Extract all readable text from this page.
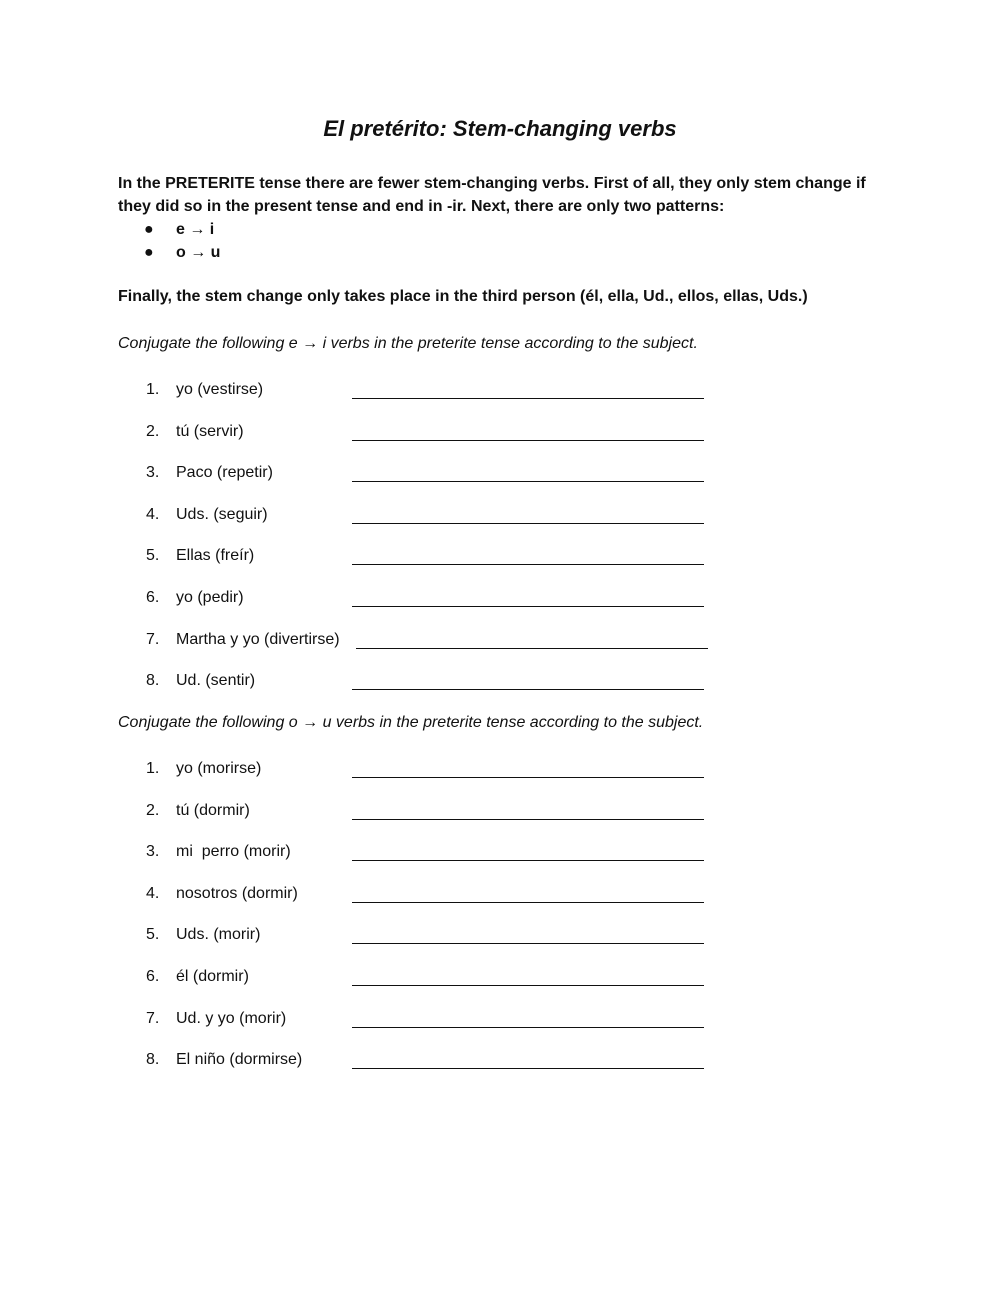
El pretérito: Stem-changing verbs

In the PRETERITE tense there are fewer stem-changing verbs. First of all, they only stem change if they did so in the present tense and end in -ir. Next, there are only two patterns:

● e → i
● o → u
Finally, the stem change only takes place in the third person (él, ella, Ud., ellos, ellas, Uds.)
Conjugate the following e → i verbs in the preterite tense according to the subject.
1. yo (vestirse)
2. tú (servir)
3. Paco (repetir)
4. Uds. (seguir)
5. Ellas (freír)
6. yo (pedir)
7. Martha y yo (divertirse)
8. Ud. (sentir)
Conjugate the following o → u verbs in the preterite tense according to the subject.
1. yo (morirse)
2. tú (dormir)
3. mi  perro (morir)
4. nosotros (dormir)
5. Uds. (morir)
6. él (dormir)
7. Ud. y yo (morir)
8. El niño (dormirse)
